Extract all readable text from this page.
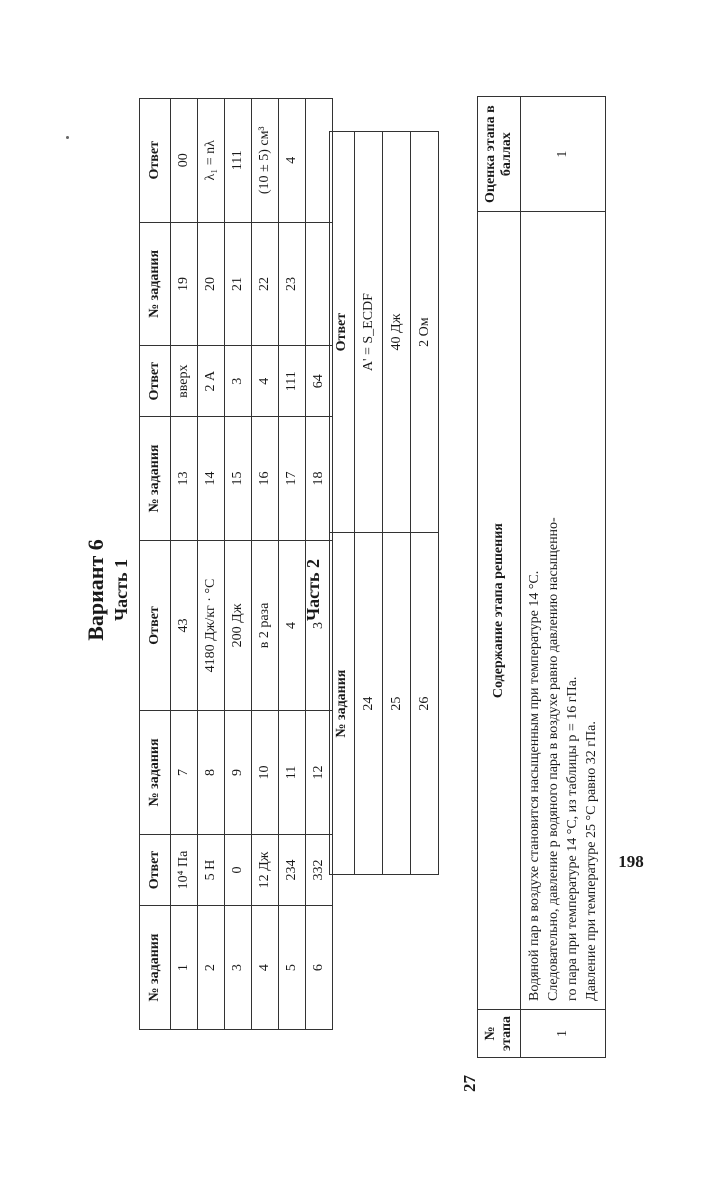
Вариант 6 Часть 1
№ задания	Ответ	№ задания	Ответ	№ задания	Ответ	№ задания	Ответ
1	10⁴ Па	7	43	13	вверх	19	00
2	5 Н	8	4180 Дж/кг · °С	14	2 А	20	λ₁ = nλ
3	0	9	200 Дж	15	3	21	111
4	12 Дж	10	в 2 раза	16	4	22	(10 ± 5) см³
5	234	11	4	17	111	23	4
6	332	12	3	18	64		
Часть 2
№ задания	Ответ
24	A' = S_ECDF
25	40 Дж
26	2 Ом
27
№ этапа	Содержание этапа решения	Оценка этапа в баллах
1	Водяной пар в воздухе становится насыщенным при температуре 14 °С. Следовательно, давление p водяного пара в воздухе равно давлению насыщенно- го пара при температуре 14 °С, из таблицы p = 16 гПа. Давление при температуре 25 °С равно 32 гПа.	1
198
